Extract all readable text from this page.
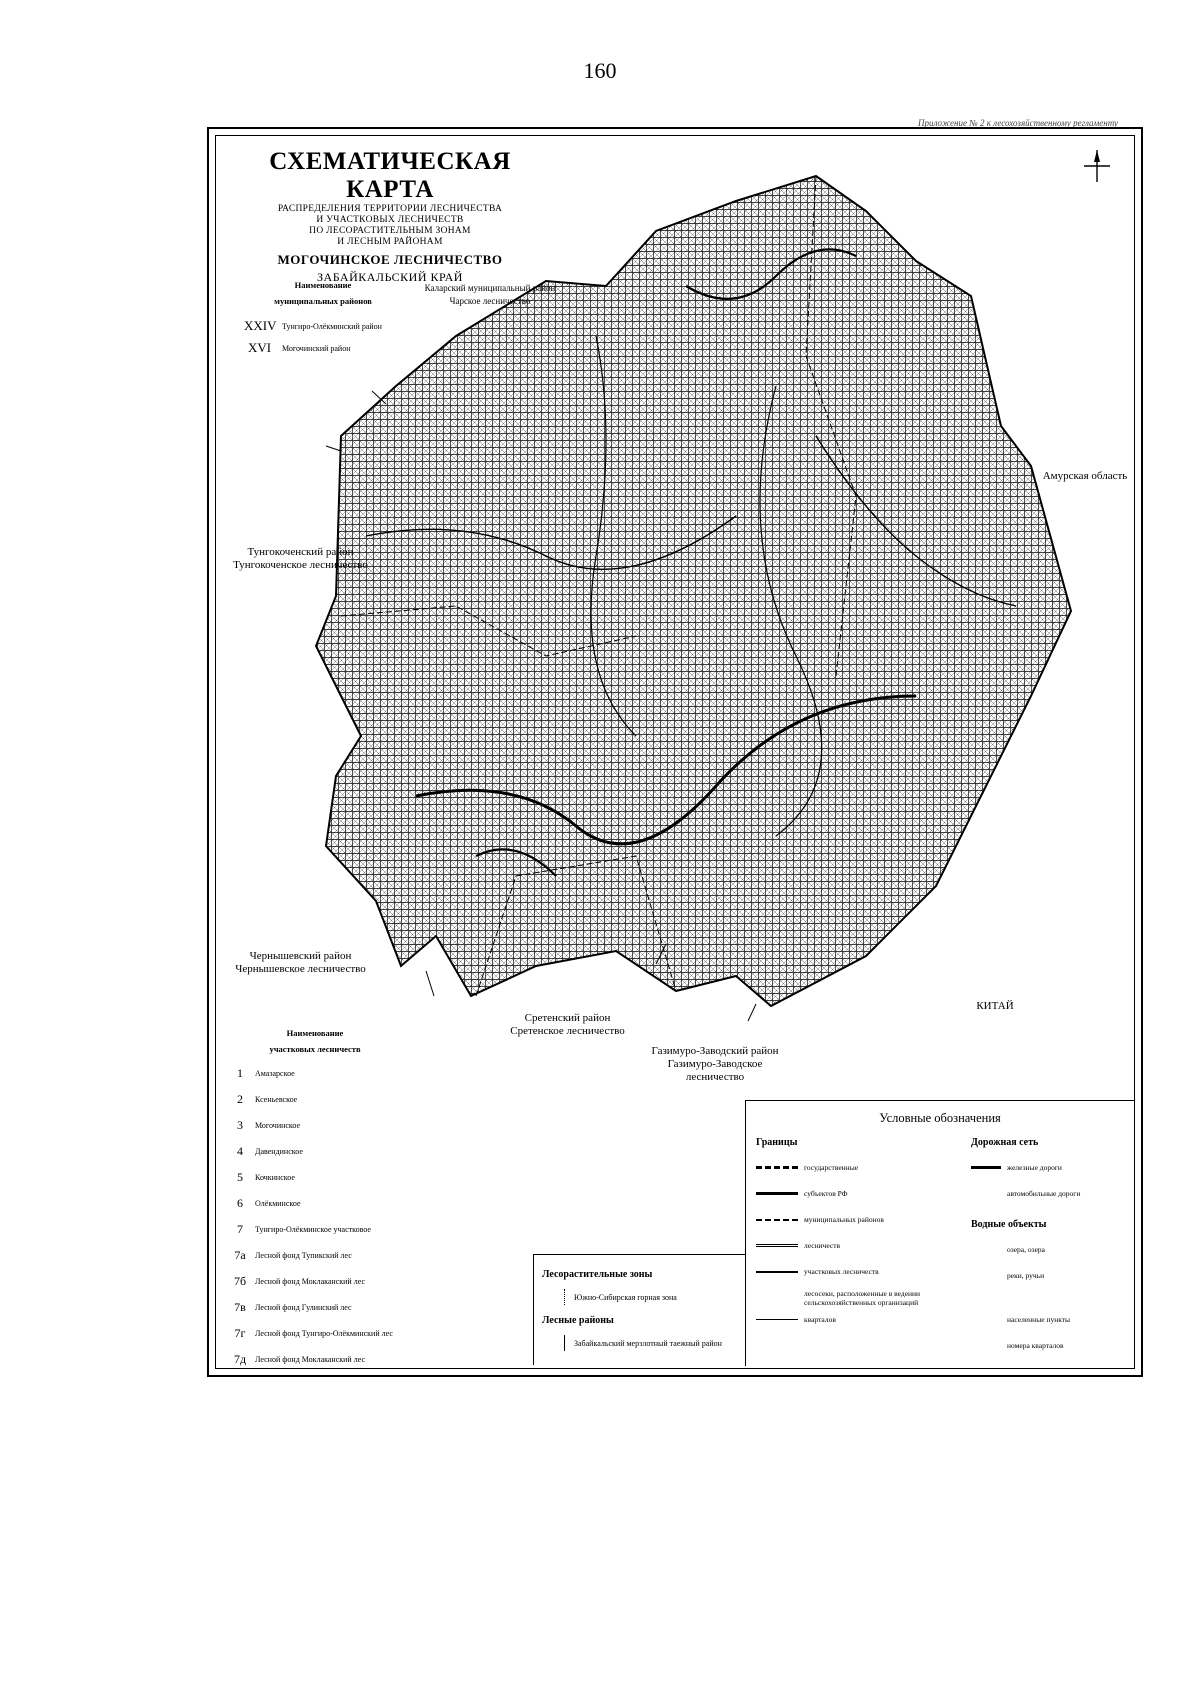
160
Приложение № 2 к лесохозяйственному регламенту
СХЕМАТИЧЕСКАЯ КАРТА
РАСПРЕДЕЛЕНИЯ ТЕРРИТОРИИ ЛЕСНИЧЕСТВА
И УЧАСТКОВЫХ ЛЕСНИЧЕСТВ
ПО ЛЕСОРАСТИТЕЛЬНЫМ ЗОНАМ
И ЛЕСНЫМ РАЙОНАМ
МОГОЧИНСКОЕ ЛЕСНИЧЕСТВО
ЗАБАЙКАЛЬСКИЙ КРАЙ
Наименование
муниципальных районов
XXIV Тунгиро-Олёкминский район
XVI	Могочинский район
Каларский муниципальный район
Чарское лесничество
Амурская область
Тунгокоченский район
Тунгокоченское лесничество
Чернышевский район
Чернышевское лесничество
Сретенский район
Сретенское лесничество
Газимуро-Заводский район
Газимуро-Заводское
лесничество
КИТАЙ
Наименование
участковых лесничеств
1	Амазарское
2	Ксеньевское
3	Могочинское
4	Давендинское
5	Кочкинское
6	Олёкминское
7	Тунгиро-Олёкминское участковое
7а	Лесной фонд Тупикский лес
7б	Лесной фонд Моклаканский лес
7в	Лесной фонд Гулинский лес
7г	Лесной фонд Тунгиро-Олёкминский лес
7д	Лесной фонд Моклаканский лес
Лесорастительные зоны
Южно-Сибирская горная зона
Лесные районы
Забайкальский мерзлотный таежный район
Условные обозначения
Границы
государственные
субъектов РФ
муниципальных районов
лесничеств
участковых лесничеств
лесосеки, расположенные в ведении сельскохозяйственных организаций
кварталов
Дорожная сеть
железные дороги
автомобильные дороги
Водные объекты
озера, озера
реки, ручьи
населенные пункты
номера кварталов
